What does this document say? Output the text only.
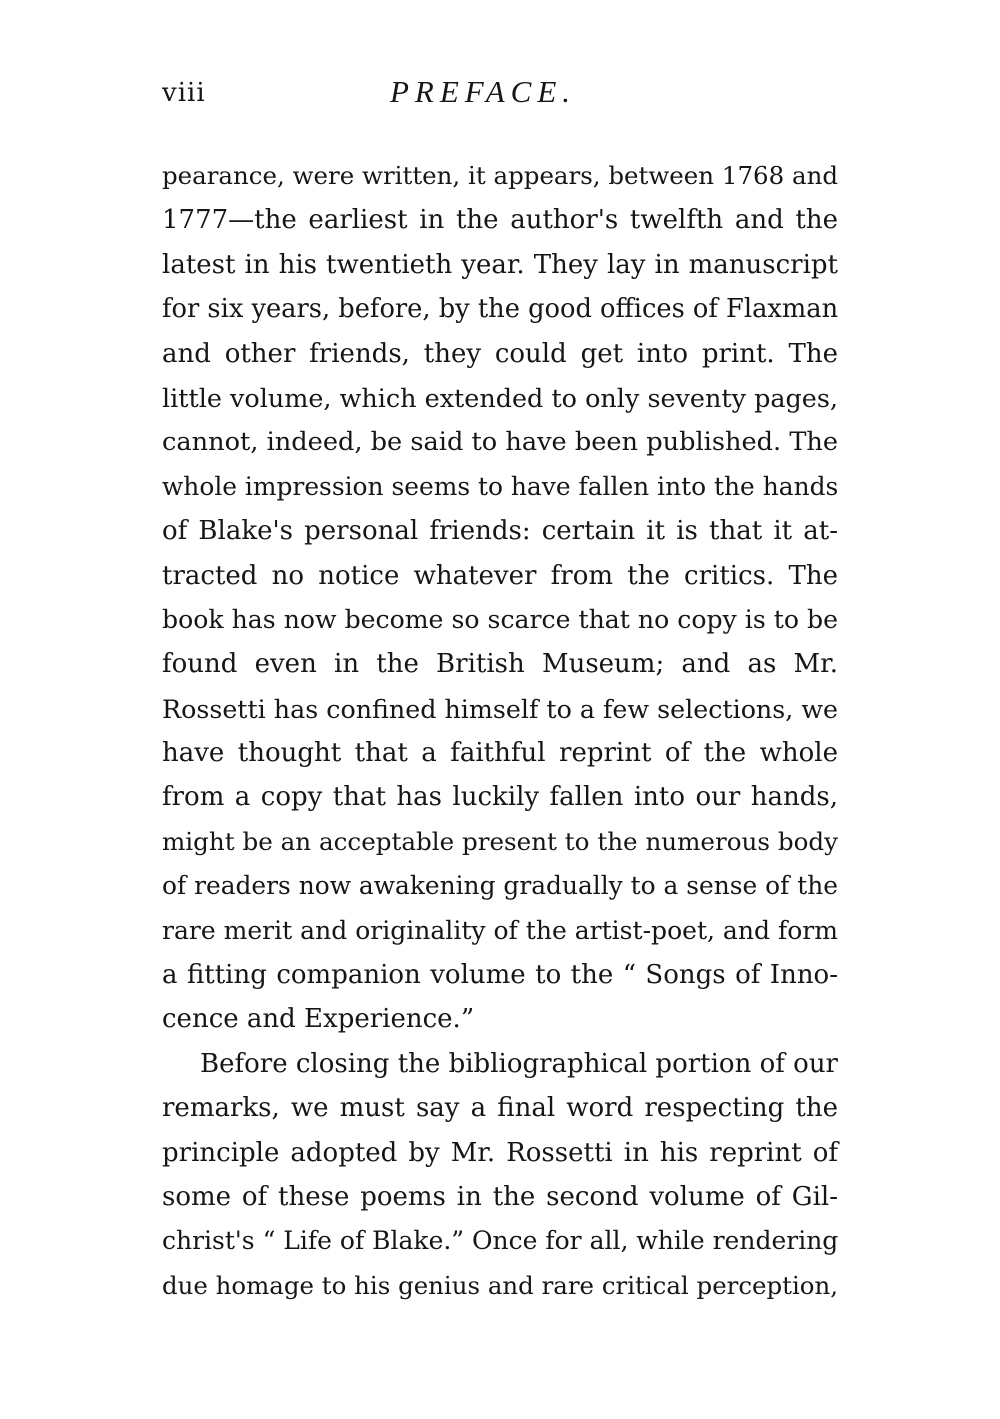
viii	PREFACE.
pearance, were written, it appears, between 1768 and
1777—the earliest in the author's twelfth and the
latest in his twentieth year. They lay in manuscript
for six years, before, by the good offices of Flaxman
and other friends, they could get into print. The
little volume, which extended to only seventy pages,
cannot, indeed, be said to have been published. The
whole impression seems to have fallen into the hands
of Blake's personal friends: certain it is that it at-
tracted no notice whatever from the critics. The
book has now become so scarce that no copy is to be
found even in the British Museum; and as Mr.
Rossetti has confined himself to a few selections, we
have thought that a faithful reprint of the whole
from a copy that has luckily fallen into our hands,
might be an acceptable present to the numerous body
of readers now awakening gradually to a sense of the
rare merit and originality of the artist-poet, and form
a fitting companion volume to the “ Songs of Inno-
cence and Experience.”
Before closing the bibliographical portion of our
remarks, we must say a final word respecting the
principle adopted by Mr. Rossetti in his reprint of
some of these poems in the second volume of Gil-
christ's “ Life of Blake.” Once for all, while rendering
due homage to his genius and rare critical perception,
